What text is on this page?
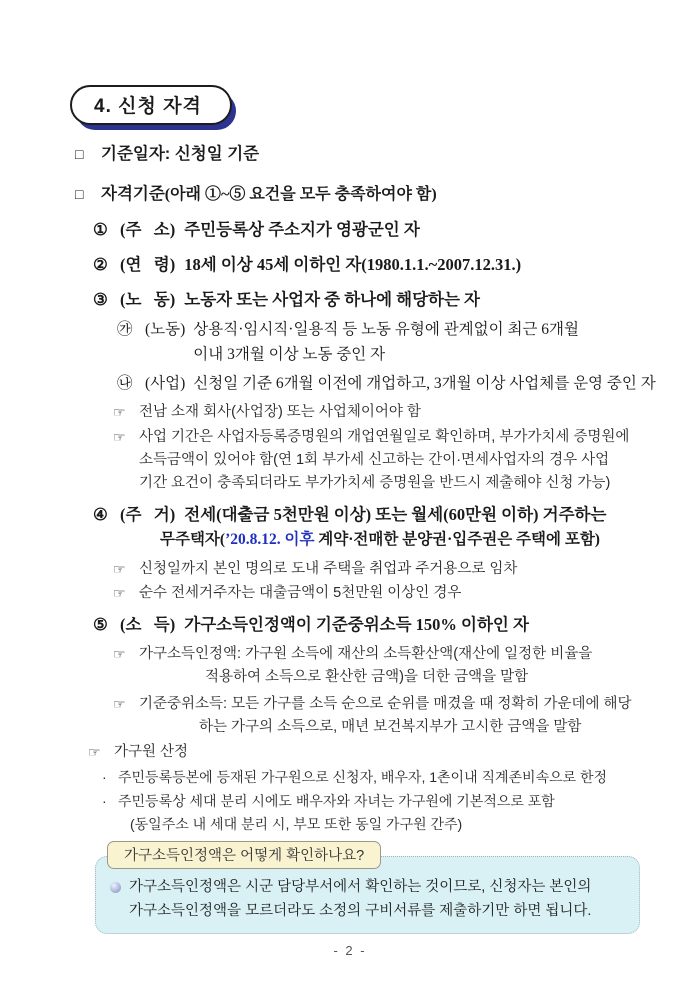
4. 신청 자격
□	기준일자: 신청일 기준
□	자격기준(아래 ①~⑤ 요건을 모두 충족하여야 함)
① (주   소) 주민등록상 주소지가 영광군인 자
② (연   령) 18세 이상 45세 이하인 자(1980.1.1.~2007.12.31.)
③ (노   동) 노동자 또는 사업자 중 하나에 해당하는 자
㉮ (노동) 상용직·임시직·일용직 등 노동 유형에 관계없이 최근 6개월
이내 3개월 이상 노동 중인 자
㉯ (사업) 신청일 기준 6개월 이전에 개업하고, 3개월 이상 사업체를 운영 중인 자
☞ 전남 소재 회사(사업장) 또는 사업체이어야 함
☞ 사업 기간은 사업자등록증명원의 개업연월일로 확인하며, 부가가치세 증명원에
소득금액이 있어야 함(연 1회 부가세 신고하는 간이·면세사업자의 경우 사업
기간 요건이 충족되더라도 부가가치세 증명원을 반드시 제출해야 신청 가능)
④ (주   거) 전세(대출금 5천만원 이상) 또는 월세(60만원 이하) 거주하는
무주택자(’20.8.12. 이후 계약·전매한 분양권·입주권은 주택에 포함)
☞ 신청일까지 본인 명의로 도내 주택을 취업과 주거용으로 임차
☞ 순수 전세거주자는 대출금액이 5천만원 이상인 경우
⑤ (소   득) 가구소득인정액이 기준중위소득 150% 이하인 자
☞ 가구소득인정액: 가구원 소득에 재산의 소득환산액(재산에 일정한 비율을
적용하여 소득으로 환산한 금액)을 더한 금액을 말함
☞ 기준중위소득: 모든 가구를 소득 순으로 순위를 매겼을 때 정확히 가운데에 해당
하는 가구의 소득으로, 매년 보건복지부가 고시한 금액을 말함
☞ 가구원 산정
· 주민등록등본에 등재된 가구원으로 신청자, 배우자, 1촌이내 직계존비속으로 한정
· 주민등록상 세대 분리 시에도 배우자와 자녀는 가구원에 기본적으로 포함
(동일주소 내 세대 분리 시, 부모 또한 동일 가구원 간주)
가구소득인정액은 어떻게 확인하나요?
가구소득인정액은 시군 담당부서에서 확인하는 것이므로, 신청자는 본인의
가구소득인정액을 모르더라도 소정의 구비서류를 제출하기만 하면 됩니다.
- 2 -
